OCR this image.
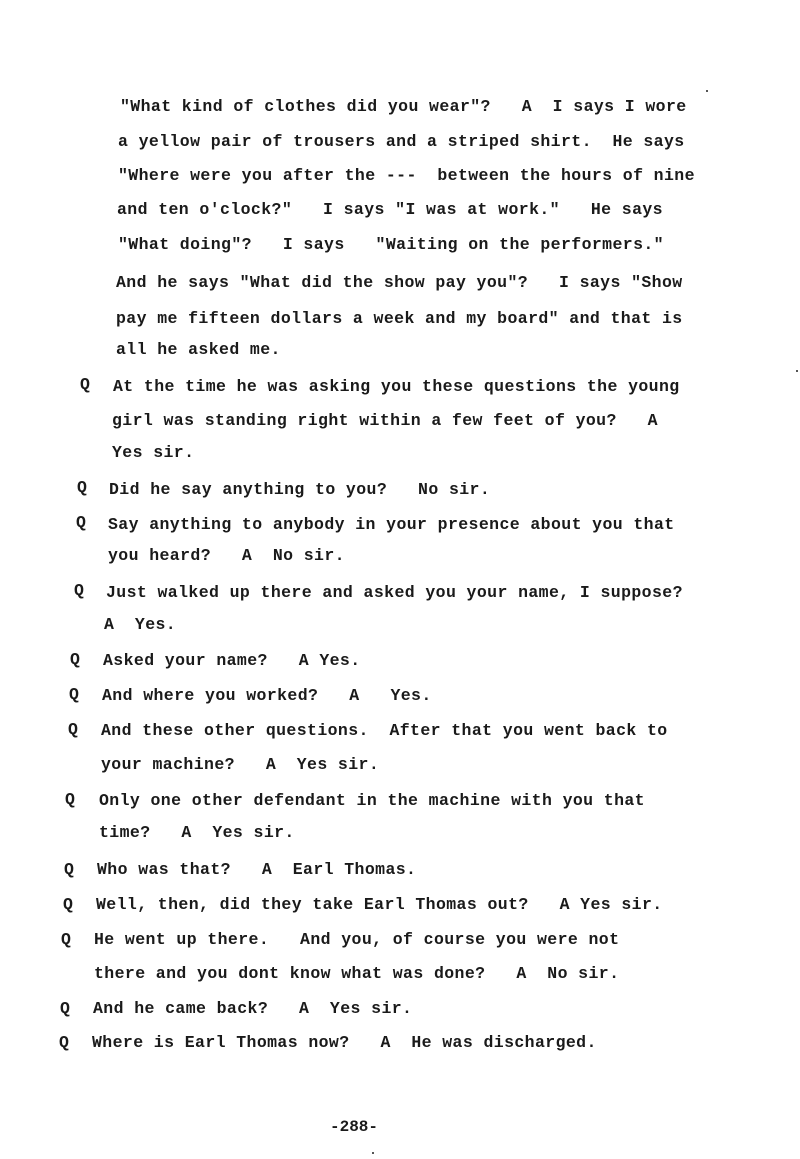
"What kind of clothes did you wear"?   A  I says I wore
a yellow pair of trousers and a striped shirt.  He says
"Where were you after the ---  between the hours of nine
and ten o'clock?"   I says "I was at work."   He says
"What doing"?   I says   "Waiting on the performers."
And he says "What did the show pay you"?   I says "Show
pay me fifteen dollars a week and my board" and that is
all he asked me.
Q At the time he was asking you these questions the young
girl was standing right within a few feet of you?   A
Yes sir.
Q Did he say anything to you?   No sir.
Q Say anything to anybody in your presence about you that
you heard?   A  No sir.
Q Just walked up there and asked you your name, I suppose?
A  Yes.
Q Asked your name?   A Yes.
Q And where you worked?   A   Yes.
Q And these other questions.  After that you went back to
your machine?   A  Yes sir.
Q Only one other defendant in the machine with you that
time?   A  Yes sir.
Q Who was that?   A  Earl Thomas.
Q Well, then, did they take Earl Thomas out?   A Yes sir.
Q He went up there.   And you, of course you were not
there and you dont know what was done?   A  No sir.
Q And he came back?   A  Yes sir.
Q Where is Earl Thomas now?   A  He was discharged.
-288-
